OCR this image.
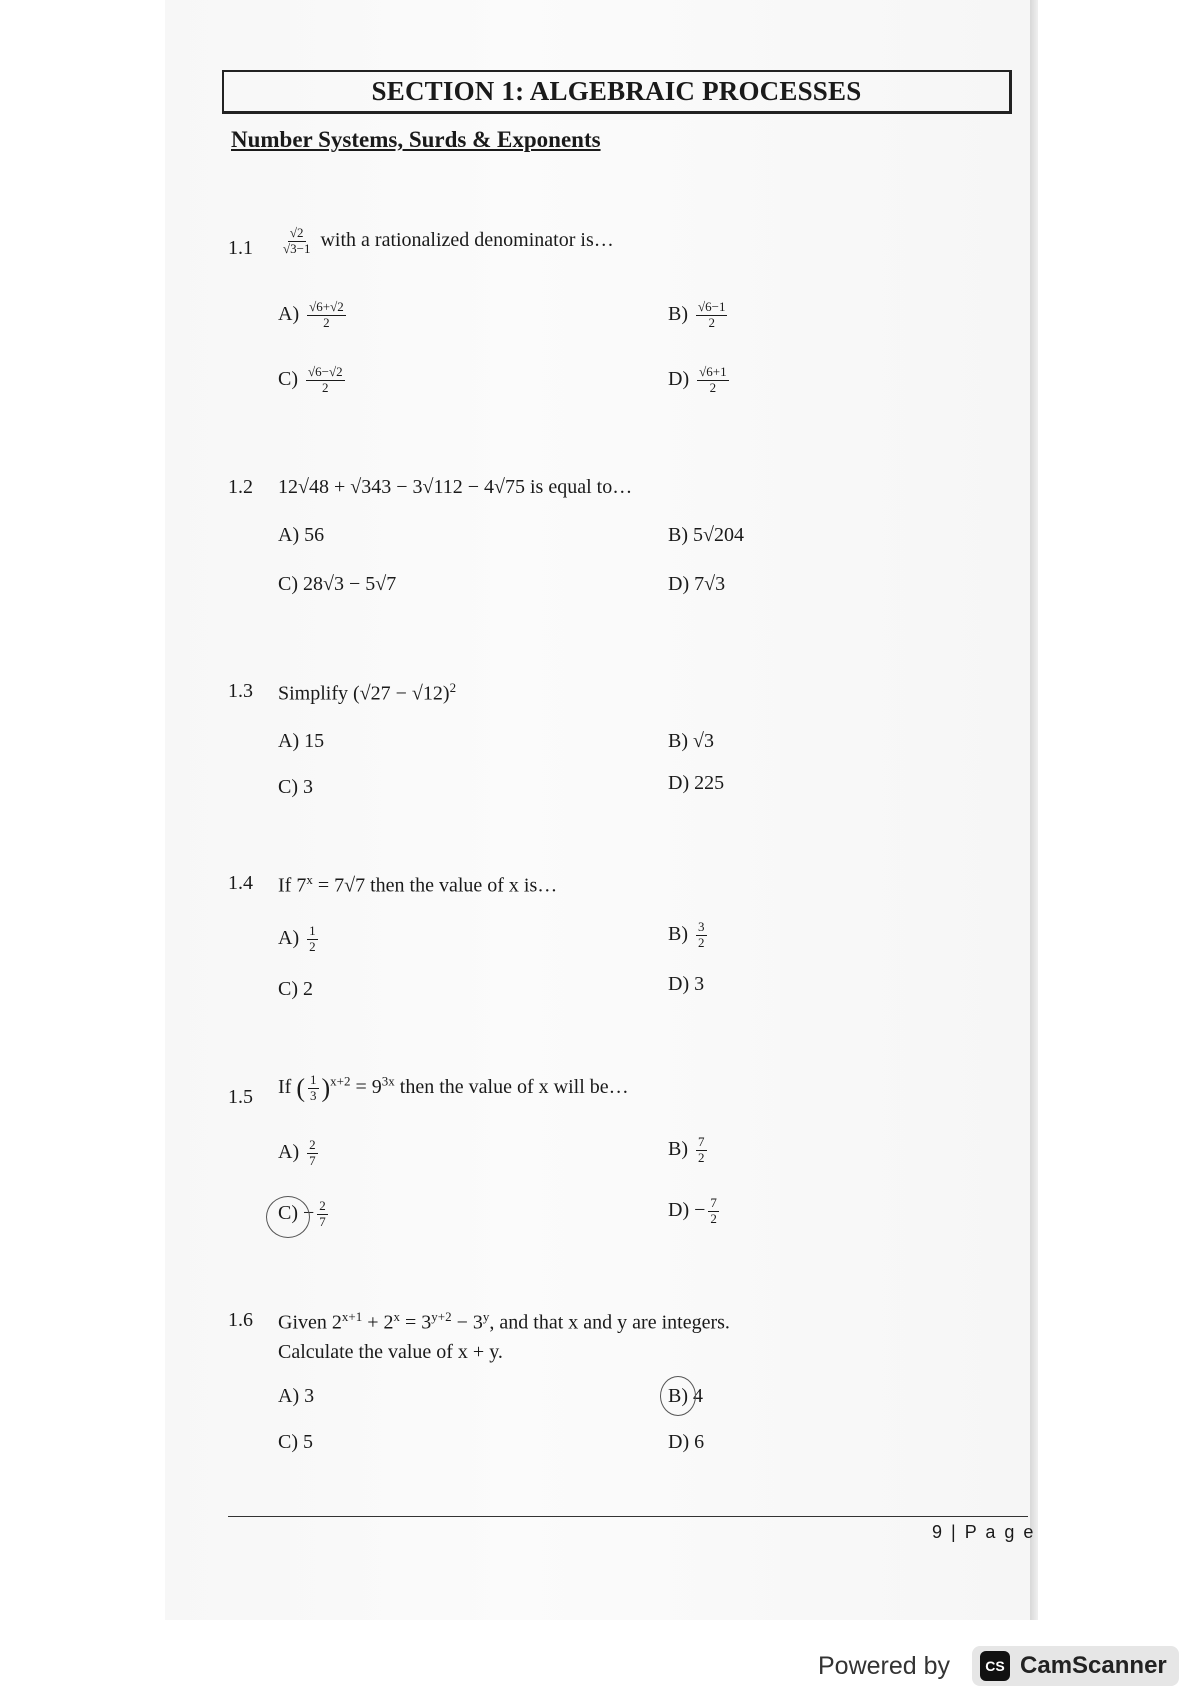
SECTION 1: ALGEBRAIC PROCESSES
Number Systems, Surds & Exponents
$1.1 \frac{√2}{√3-1}$ with a rationalized denominator is…
$A) \frac{√6+√2}{2}$	$B) \frac{√6-1}{2}$
$C) \frac{√6-√2}{2}$	$D) \frac{√6+1}{2}$
1.2 12√48 + √343 − 3√112 − 4√75 is equal to…
A) 56	B) 5√204
C) 28√3 − 5√7	D) 7√3
1.3 Simplify $(√27 - √12)^2$
A) 15	B) √3
C) 3	D) 225
1.4 If $7^x = 7√7$ then the value of x is…
$A) \frac{1}{2}$	$B) \frac{3}{2}$
C) 2	D) 3
1.5 If ( $\frac{1}{3} )^{x+2} = 9^{3x}$ then the value of x will be…
$A) \frac{2}{7}$	$B) \frac{7}{2}$
$C) - \frac{2}{7}$	$D) - \frac{7}{2}$
1.6 Given $2^{x+1} + 2^x = 3^{y+2} - 3^y$, and that x and y are integers.
Calculate the value of x + y.
A) 3	B) 4
C) 5	D) 6
9 | P a g e
Powered by	CS CamScanner
